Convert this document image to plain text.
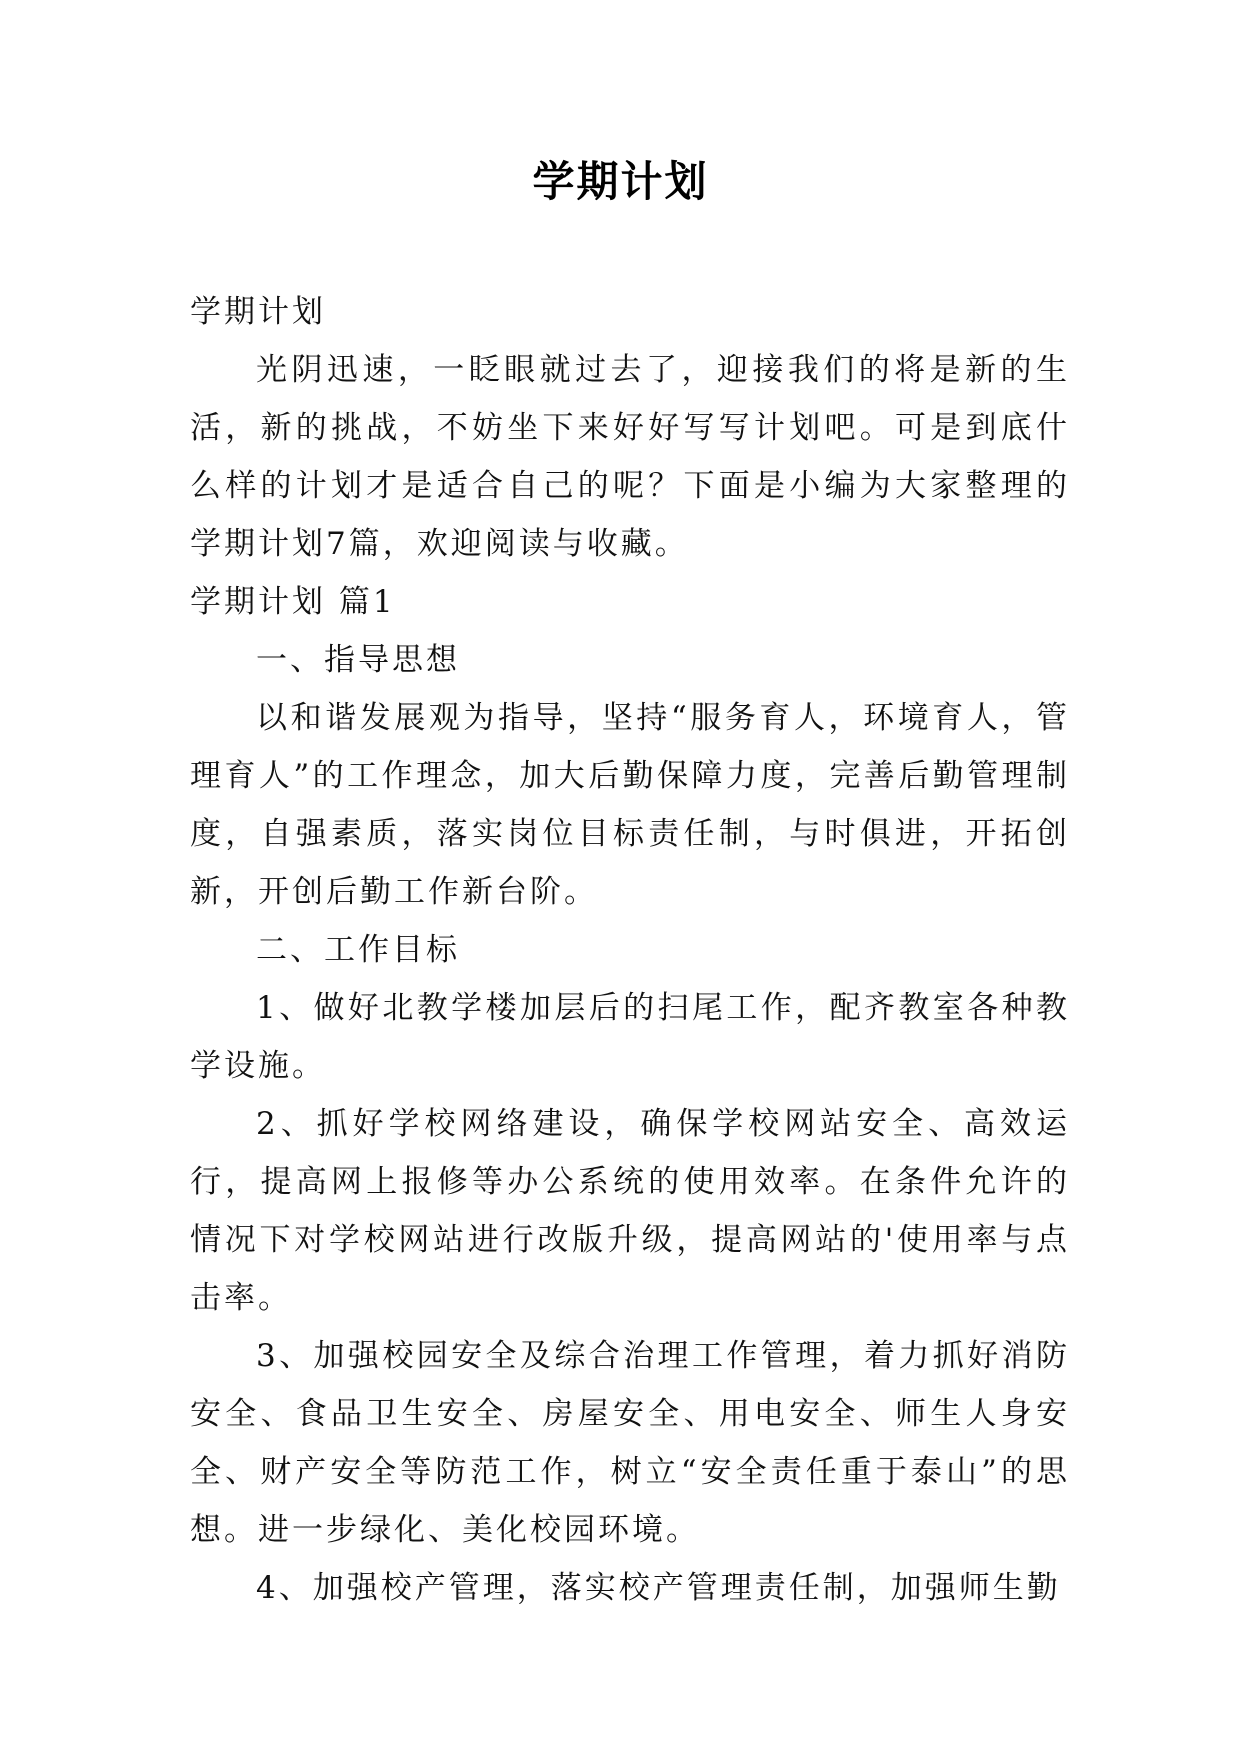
学期计划

学期计划

光阴迅速，一眨眼就过去了，迎接我们的将是新的生活，新的挑战，不妨坐下来好好写写计划吧。可是到底什么样的计划才是适合自己的呢？下面是小编为大家整理的学期计划7篇，欢迎阅读与收藏。

学期计划 篇1

一、指导思想

以和谐发展观为指导，坚持“服务育人，环境育人，管理育人”的工作理念，加大后勤保障力度，完善后勤管理制度，自强素质，落实岗位目标责任制，与时俱进，开拓创新，开创后勤工作新台阶。

二、工作目标

1、做好北教学楼加层后的扫尾工作，配齐教室各种教学设施。

2、抓好学校网络建设，确保学校网站安全、高效运行，提高网上报修等办公系统的使用效率。在条件允许的情况下对学校网站进行改版升级，提高网站的'使用率与点击率。

3、加强校园安全及综合治理工作管理，着力抓好消防安全、食品卫生安全、房屋安全、用电安全、师生人身安全、财产安全等防范工作，树立“安全责任重于泰山”的思想。进一步绿化、美化校园环境。

4、加强校产管理，落实校产管理责任制，加强师生勤
